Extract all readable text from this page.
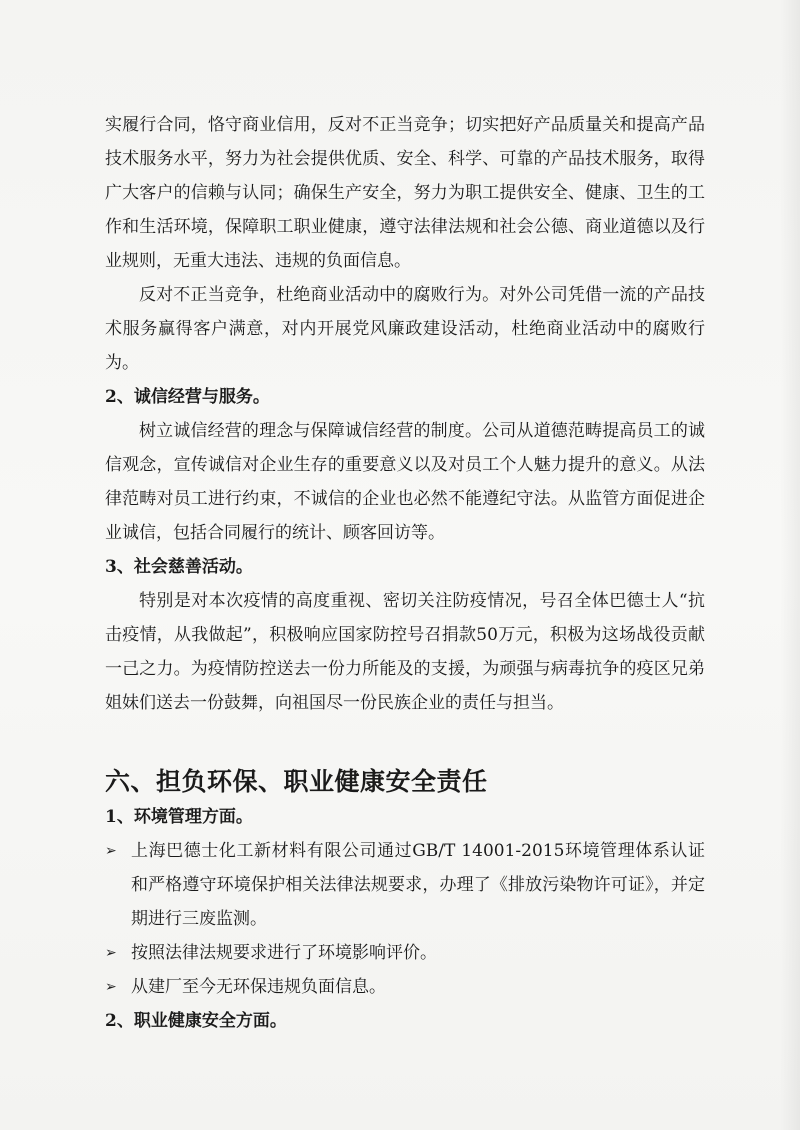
实履行合同，恪守商业信用，反对不正当竞争；切实把好产品质量关和提高产品技术服务水平，努力为社会提供优质、安全、科学、可靠的产品技术服务，取得广大客户的信赖与认同；确保生产安全，努力为职工提供安全、健康、卫生的工作和生活环境，保障职工职业健康，遵守法律法规和社会公德、商业道德以及行业规则，无重大违法、违规的负面信息。

反对不正当竞争，杜绝商业活动中的腐败行为。对外公司凭借一流的产品技术服务赢得客户满意，对内开展党风廉政建设活动，杜绝商业活动中的腐败行为。

2、诚信经营与服务。

树立诚信经营的理念与保障诚信经营的制度。公司从道德范畴提高员工的诚信观念，宣传诚信对企业生存的重要意义以及对员工个人魅力提升的意义。从法律范畴对员工进行约束，不诚信的企业也必然不能遵纪守法。从监管方面促进企业诚信，包括合同履行的统计、顾客回访等。

3、社会慈善活动。

特别是对本次疫情的高度重视、密切关注防疫情况，号召全体巴德士人“抗击疫情，从我做起”，积极响应国家防控号召捐款50万元，积极为这场战役贡献一己之力。为疫情防控送去一份力所能及的支援，为顽强与病毒抗争的疫区兄弟姐妹们送去一份鼓舞，向祖国尽一份民族企业的责任与担当。

六、担负环保、职业健康安全责任

1、环境管理方面。

➢ 上海巴德士化工新材料有限公司通过GB/T 14001-2015环境管理体系认证和严格遵守环境保护相关法律法规要求，办理了《排放污染物许可证》，并定期进行三废监测。
➢ 按照法律法规要求进行了环境影响评价。
➢ 从建厂至今无环保违规负面信息。

2、职业健康安全方面。
